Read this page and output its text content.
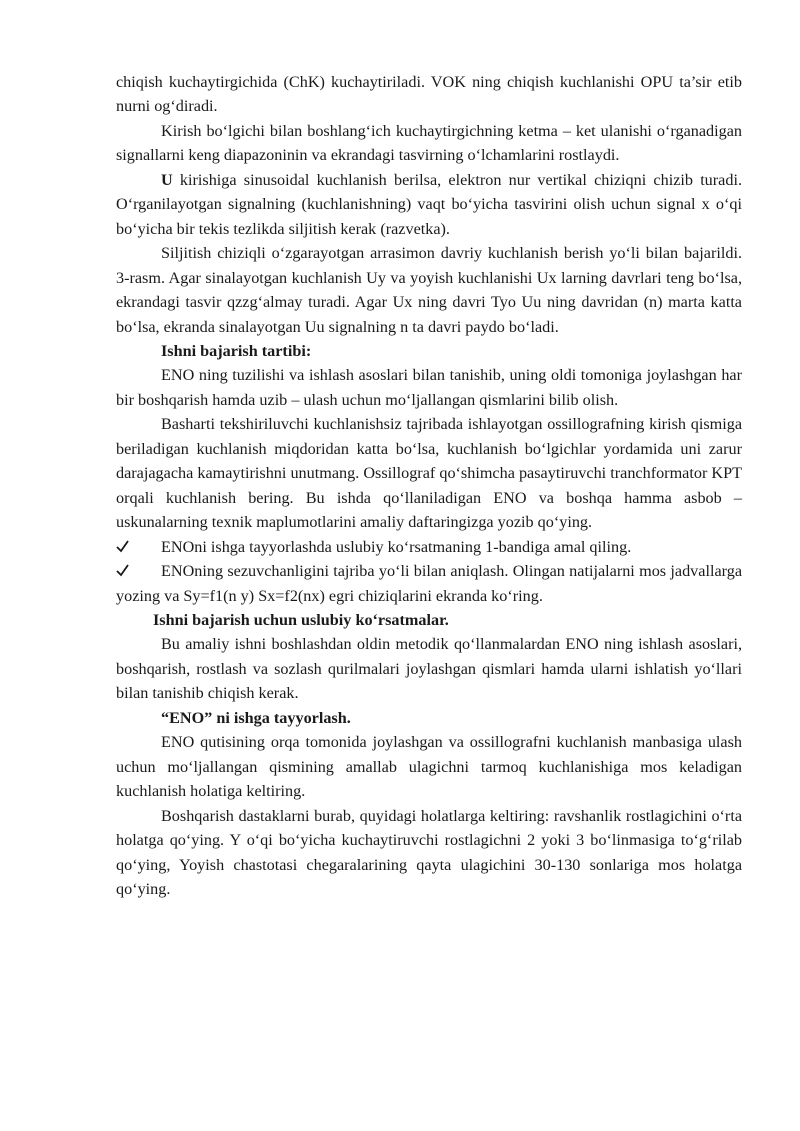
chiqish kuchaytirgichida (ChK) kuchaytiriladi. VOK ning chiqish kuchlanishi OPU ta’sir etib nurni og‘diradi.

Kirish bo‘lgichi bilan boshlang‘ich kuchaytirgichning ketma – ket ulanishi o‘rganadigan signallarni keng diapazoninin va ekrandagi tasvirning o‘lchamlarini rostlaydi.

U kirishiga sinusoidal kuchlanish berilsa, elektron nur vertikal chiziqni chizib turadi. O‘rganilayotgan signalning (kuchlanishning) vaqt bo‘yicha tasvirini olish uchun signal x o‘qi bo‘yicha bir tekis tezlikda siljitish kerak (razvetka).

Siljitish chiziqli o‘zgarayotgan arrasimon davriy kuchlanish berish yo‘li bilan bajarildi. 3-rasm. Agar sinalayotgan kuchlanish Uy va yoyish kuchlanishi Ux larning davrlari teng bo‘lsa, ekrandagi tasvir qzzg‘almay turadi. Agar Ux ning davri Tyo Uu ning davridan (n) marta katta bo‘lsa, ekranda sinalayotgan Uu signalning n ta davri paydo bo‘ladi.

Ishni bajarish tartibi:

ENO ning tuzilishi va ishlash asoslari bilan tanishib, uning oldi tomoniga joylashgan har bir boshqarish hamda uzib – ulash uchun mo‘ljallangan qismlarini bilib olish.

Basharti tekshiriluvchi kuchlanishsiz tajribada ishlayotgan ossillografning kirish qismiga beriladigan kuchlanish miqdoridan katta bo‘lsa, kuchlanish bo‘lgichlar yordamida uni zarur darajagacha kamaytirishni unutmang. Ossillograf qo‘shimcha pasaytiruvchi tranchformator KPT orqali kuchlanish bering. Bu ishda qo‘llaniladigan ENO va boshqa hamma asbob –uskunalarning texnik maplumotlarini amaliy daftaringizga yozib qo‘ying.

ENOni ishga tayyorlashda uslubiy ko‘rsatmaning 1-bandiga amal qiling.

ENOning sezuvchanligini tajriba yo‘li bilan aniqlash. Olingan natijalarni mos jadvallarga yozing va Sy=f1(n y) Sx=f2(nx) egri chiziqlarini ekranda ko‘ring.

Ishni bajarish uchun uslubiy ko‘rsatmalar.

Bu amaliy ishni boshlashdan oldin metodik qo‘llanmalardan ENO ning ishlash asoslari, boshqarish, rostlash va sozlash qurilmalari joylashgan qismlari hamda ularni ishlatish yo‘llari bilan tanishib chiqish kerak.

“ENO” ni ishga tayyorlash.

ENO qutisining orqa tomonida joylashgan va ossillografni kuchlanish manbasiga ulash uchun mo‘ljallangan qismining amallab ulagichni tarmoq kuchlanishiga mos keladigan kuchlanish holatiga keltiring.

Boshqarish dastaklarni burab, quyidagi holatlarga keltiring: ravshanlik rostlagichini o‘rta holatga qo‘ying. Y o‘qi bo‘yicha kuchaytiruvchi rostlagichni 2 yoki 3 bo‘linmasiga to‘g‘rilab qo‘ying, Yoyish chastotasi chegaralarining qayta ulagichini 30-130 sonlariga mos holatga qo‘ying.
